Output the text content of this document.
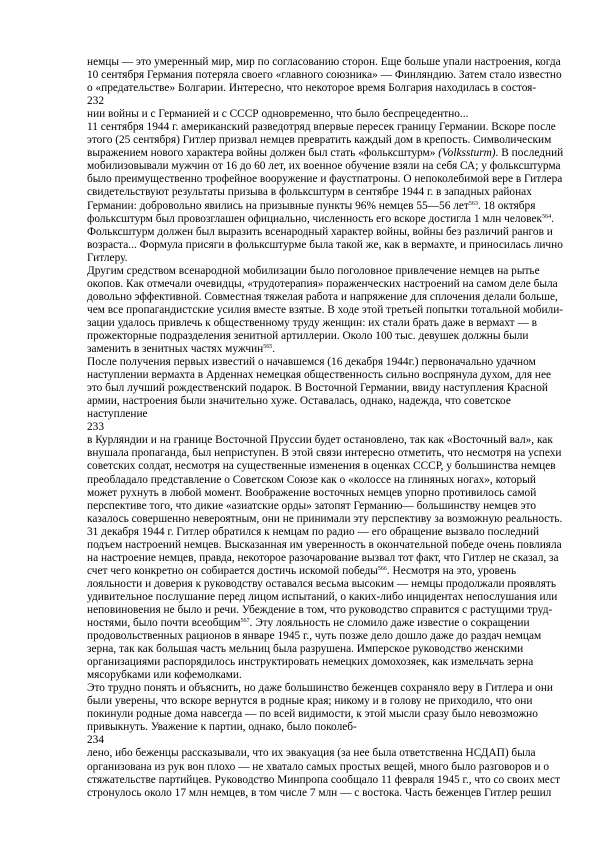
немцы — это умеренный мир, мир по согласованию сторон. Еще больше упали настроения, когда
10 сентября Германия потеряла своего «главного союзника» — Финляндию. Затем стало известно
о «предательстве» Болгарии. Интересно, что некоторое время Болгария находилась в состоя-
232
нии войны и с Германией и с СССР одновременно, что было беспрецедентно...
11 сентября 1944 г. американский разведотряд впервые пересек границу Германии. Вскоре после
этого (25 сентября) Гитлер призвал немцев превратить каждый дом в крепость. Символическим
выражением нового характера войны должен был стать «фольксштурм» (Volkssturm). В последний
мобилизовывали мужчин от 16 до 60 лет, их военное обучение взяли на себя СА; у фольксштурма
было преимущественно трофейное вооружение и фаустпатроны. О непоколебимой вере в Гитлера
свидетельствуют результаты призыва в фольксштурм в сентябре 1944 г. в западных районах
Германии: добровольно явились на призывные пункты 96% немцев 55—56 лет$^{563}$. 18 октября
фольксштурм был провозглашен официально, численность его вскоре достигла 1 млн человек$^{564}$.
Фольксштурм должен был выразить всенародный характер войны, войны без различий рангов и
возраста... Формула присяги в фольксштурме была такой же, как в вермахте, и приносилась лично
Гитлеру.
Другим средством всенародной мобилизации было поголовное привлечение немцев на рытье
окопов. Как отмечали очевидцы, «трудотерапия» пораженческих настроений на самом деле была
довольно эффективной. Совместная тяжелая работа и напряжение для сплочения делали больше,
чем все пропагандистские усилия вместе взятые. В ходе этой третьей попытки тотальной мобили-
зации удалось привлечь к общественному труду женщин: их стали брать даже в вермахт — в
прожекторные подразделения зенитной артиллерии. Около 100 тыс. девушек должны были
заменить в зенитных частях мужчин$^{565}$.
После получения первых известий о начавшемся (16 декабря 1944г.) первоначально удачном
наступлении вермахта в Арденнах немецкая общественность сильно воспрянула духом, для нее
это был лучший рождественский подарок. В Восточной Германии, ввиду наступления Красной
армии, настроения были значительно хуже. Оставалась, однако, надежда, что советское
наступление
233
в Курляндии и на границе Восточной Пруссии будет остановлено, так как «Восточный вал», как
внушала пропаганда, был неприступен. В этой связи интересно отметить, что несмотря на успехи
советских солдат, несмотря на существенные изменения в оценках СССР, у большинства немцев
преобладало представление о Советском Союзе как о «колоссе на глиняных ногах», который
может рухнуть в любой момент. Воображение восточных немцев упорно противилось самой
перспективе того, что дикие «азиатские орды» затопят Германию— большинству немцев это
казалось совершенно невероятным, они не принимали эту перспективу за возможную реальность.
31 декабря 1944 г. Гитлер обратился к немцам по радио — его обращение вызвало последний
подъем настроений немцев. Высказанная им уверенность в окончательной победе очень повлияла
на настроение немцев, правда, некоторое разочарование вызвал тот факт, что Гитлер не сказал, за
счет чего конкретно он собирается достичь искомой победы$^{566}$. Несмотря на это, уровень
лояльности и доверия к руководству оставался весьма высоким — немцы продолжали проявлять
удивительное послушание перед лицом испытаний, о каких-либо инцидентах непослушания или
неповиновения не было и речи. Убеждение в том, что руководство справится с растущими труд-
ностями, было почти всеобщим$^{567}$. Эту лояльность не сломило даже известие о сокращении
продовольственных рационов в январе 1945 г., чуть позже дело дошло даже до раздач немцам
зерна, так как большая часть мельниц была разрушена. Имперское руководство женскими
организациями распорядилось инструктировать немецких домохозяек, как измельчать зерна
мясорубками или кофемолками.
Это трудно понять и объяснить, но даже большинство беженцев сохраняло веру в Гитлера и они
были уверены, что вскоре вернутся в родные края; никому и в голову не приходило, что они
покинули родные дома навсегда — по всей видимости, к этой мысли сразу было невозможно
привыкнуть. Уважение к партии, однако, было поколеб-
234
лено, ибо беженцы рассказывали, что их эвакуация (за нее была ответственна НСДАП) была
организована из рук вон плохо — не хватало самых простых вещей, много было разговоров и о
стяжательстве партийцев. Руководство Минпропа сообщало 11 февраля 1945 г., что со своих мест
стронулось около 17 млн немцев, в том числе 7 млн — с востока. Часть беженцев Гитлер решил
